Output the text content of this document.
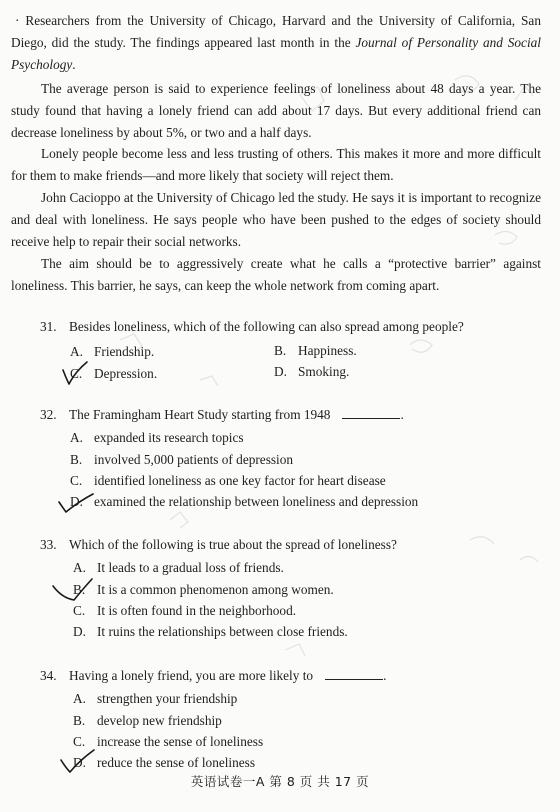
· Researchers from the University of Chicago, Harvard and the University of California, San Diego, did the study. The findings appeared last month in the Journal of Personality and Social Psychology.

The average person is said to experience feelings of loneliness about 48 days a year. The study found that having a lonely friend can add about 17 days. But every additional friend can decrease loneliness by about 5%, or two and a half days.

Lonely people become less and less trusting of others. This makes it more and more difficult for them to make friends—and more likely that society will reject them.

John Cacioppo at the University of Chicago led the study. He says it is important to recognize and deal with loneliness. He says people who have been pushed to the edges of society should receive help to repair their social networks.

The aim should be to aggressively create what he calls a “protective barrier” against loneliness. This barrier, he says, can keep the whole network from coming apart.

31. Besides loneliness, which of the following can also spread among people?
A. Friendship.	B. Happiness.
C. Depression.	D. Smoking.
32. The Framingham Heart Study starting from 1948	.
A. expanded its research topics
B. involved 5,000 patients of depression
C. identified loneliness as one key factor for heart disease
D. examined the relationship between loneliness and depression
33. Which of the following is true about the spread of loneliness?
A. It leads to a gradual loss of friends.
B. It is a common phenomenon among women.
C. It is often found in the neighborhood.
D. It ruins the relationships between close friends.
34. Having a lonely friend, you are more likely to	.
A. strengthen your friendship
B. develop new friendship
C. increase the sense of loneliness
D. reduce the sense of loneliness
英语试卷一A 第 8 页 共 17 页
